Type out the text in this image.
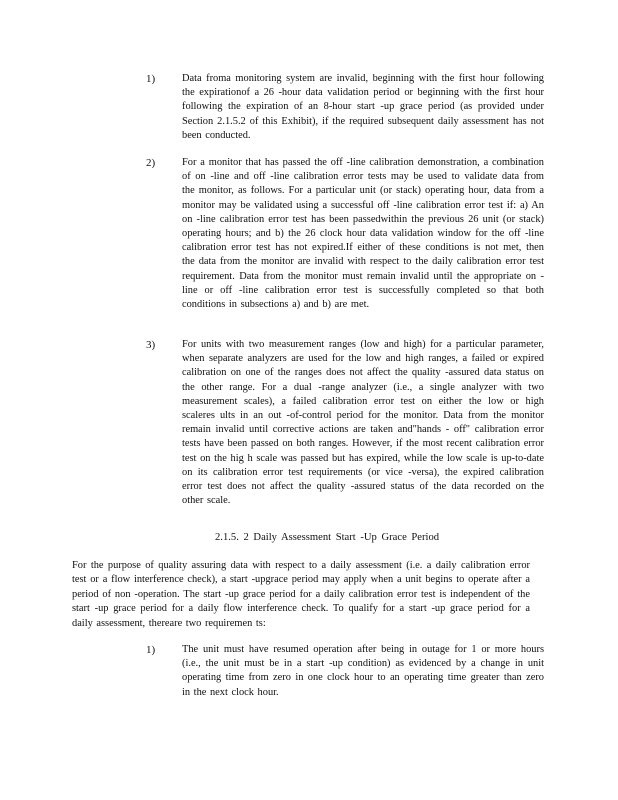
1)	Data froma monitoring system are invalid, beginning with the first hour following the expirationof a 26 -hour data validation period or beginning with the first hour following the expiration of an 8-hour start -up grace period (as provided under Section 2.1.5.2 of this Exhibit), if the required subsequent daily assessment has not been conducted.
2)	For a monitor that has passed the off -line calibration demonstration, a combination of on -line and off -line calibration error tests may be used to validate data from the monitor, as follows. For a particular unit (or stack) operating hour, data from a monitor may be validated using a successful off -line calibration error test if: a) An on -line calibration error test has been passedwithin the previous 26 unit (or stack) operating hours; and b) the 26 clock hour data validation window for the off -line calibration error test has not expired.If either of these conditions is not met, then the data from the monitor are invalid with respect to the daily calibration error test requirement. Data from the monitor must remain invalid until the appropriate on -line or off -line calibration error test is successfully completed so that both conditions in subsections a) and b) are met.
3)	For units with two measurement ranges (low and high) for a particular parameter, when separate analyzers are used for the low and high ranges, a failed or expired calibration on one of the ranges does not affect the quality -assured data status on the other range. For a dual -range analyzer (i.e., a single analyzer with two measurement scales), a failed calibration error test on either the low or high scaleres ults in an out -of-control period for the monitor. Data from the monitor remain invalid until corrective actions are taken and"hands - off" calibration error tests have been passed on both ranges. However, if the most recent calibration error test on the hig h scale was passed but has expired, while the low scale is up-to-date on its calibration error test requirements (or vice -versa), the expired calibration error test does not affect the quality -assured status of the data recorded on the other scale.
2.1.5. 2 Daily Assessment Start -Up Grace Period
For the purpose of quality assuring data with respect to a daily assessment (i.e. a daily calibration error test or a flow interference check), a start -upgrace period may apply when a unit begins to operate after a period of non -operation. The start -up grace period for a daily calibration error test is independent of the start -up grace period for a daily flow interference check. To qualify for a start -up grace period for a daily assessment, thereare two requiremen ts:
1)	The unit must have resumed operation after being in outage for 1 or more hours (i.e., the unit must be in a start -up condition) as evidenced by a change in unit operating time from zero in one clock hour to an operating time greater than zero in the next clock hour.
